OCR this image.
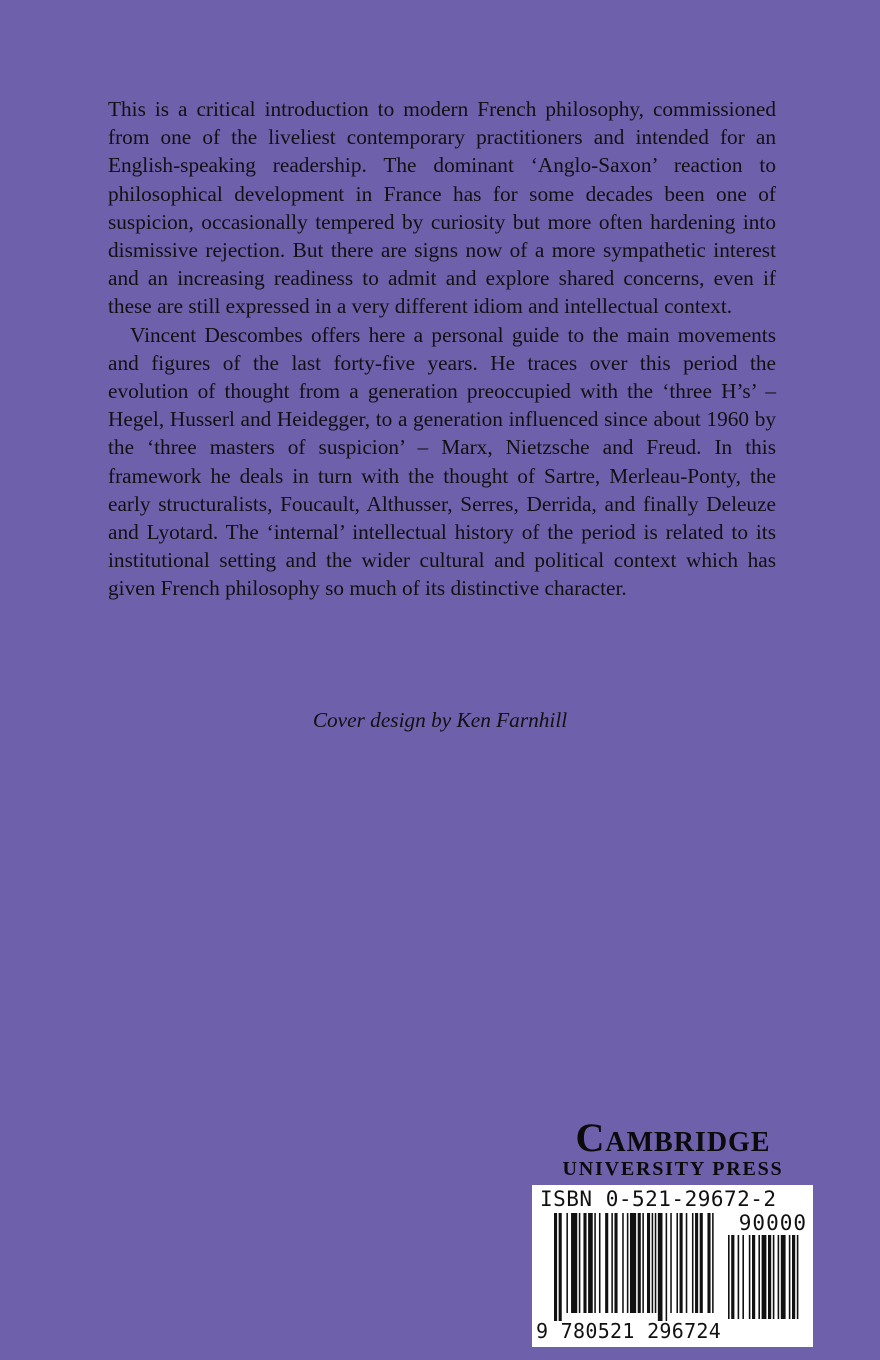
This is a critical introduction to modern French philosophy, commissioned from one of the liveliest contemporary practitioners and intended for an English-speaking readership. The dominant ‘Anglo-Saxon’ reaction to philosophical development in France has for some decades been one of suspicion, occasionally tempered by curiosity but more often hardening into dismissive rejection. But there are signs now of a more sympathetic interest and an increasing readiness to admit and explore shared concerns, even if these are still expressed in a very different idiom and intellectual context.

Vincent Descombes offers here a personal guide to the main movements and figures of the last forty-five years. He traces over this period the evolution of thought from a generation preoccupied with the ‘three H’s’ – Hegel, Husserl and Heidegger, to a generation influenced since about 1960 by the ‘three masters of suspicion’ – Marx, Nietzsche and Freud. In this framework he deals in turn with the thought of Sartre, Merleau-Ponty, the early structuralists, Foucault, Althusser, Serres, Derrida, and finally Deleuze and Lyotard. The ‘internal’ intellectual history of the period is related to its institutional setting and the wider cultural and political context which has given French philosophy so much of its distinctive character.

Cover design by Ken Farnhill
Cambridge
UNIVERSITY PRESS
ISBN 0-521-29672-2
90000
9 780521 296724
